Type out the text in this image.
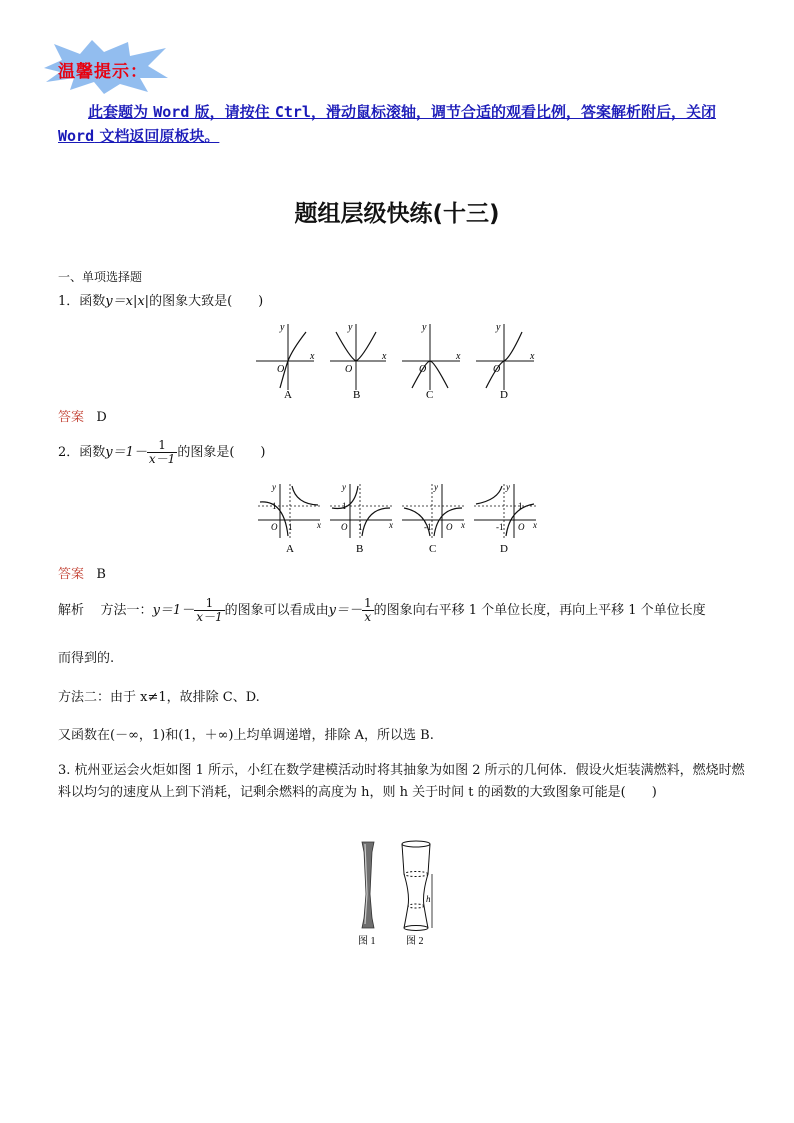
温馨提示：
此套题为 Word 版，请按住 Ctrl，滑动鼠标滚轴，调节合适的观看比例，答案解析附后，关闭 Word 文档返回原板块。
题组层级快练(十三)
一、单项选择题
1．函数y＝x|x|的图象大致是(　　)
y
x
O
y
x
O
y
x
O
y
x
O
A	B	C	D
答案 D
2．函数$y=1- \frac{1}{x-1}$ 的图象是(　　)
y
x
O
y
x
O
y
x
O
y
x
O
1
1
1
1	-1	-1
1
A	B	C	D
答案 B
解析 方法一：$y=1- \frac{1}{x-1}$ 的图象可以看成由$y=- \frac{1}{x}$ 的图象向右平移 1 个单位长度，再向上平移 1 个单位长度
而得到的.
方法二：由于 x≠1，故排除 C、D.
又函数在(－∞，1)和(1，＋∞)上均单调递增，排除 A，所以选 B.
3. 杭州亚运会火炬如图 1 所示，小红在数学建模活动时将其抽象为如图 2 所示的几何体．假设火炬装满燃料，燃烧时燃料以均匀的速度从上到下消耗，记剩余燃料的高度为 h，则 h 关于时间 t 的函数的大致图象可能是(　　)
h
图 1	图 2
